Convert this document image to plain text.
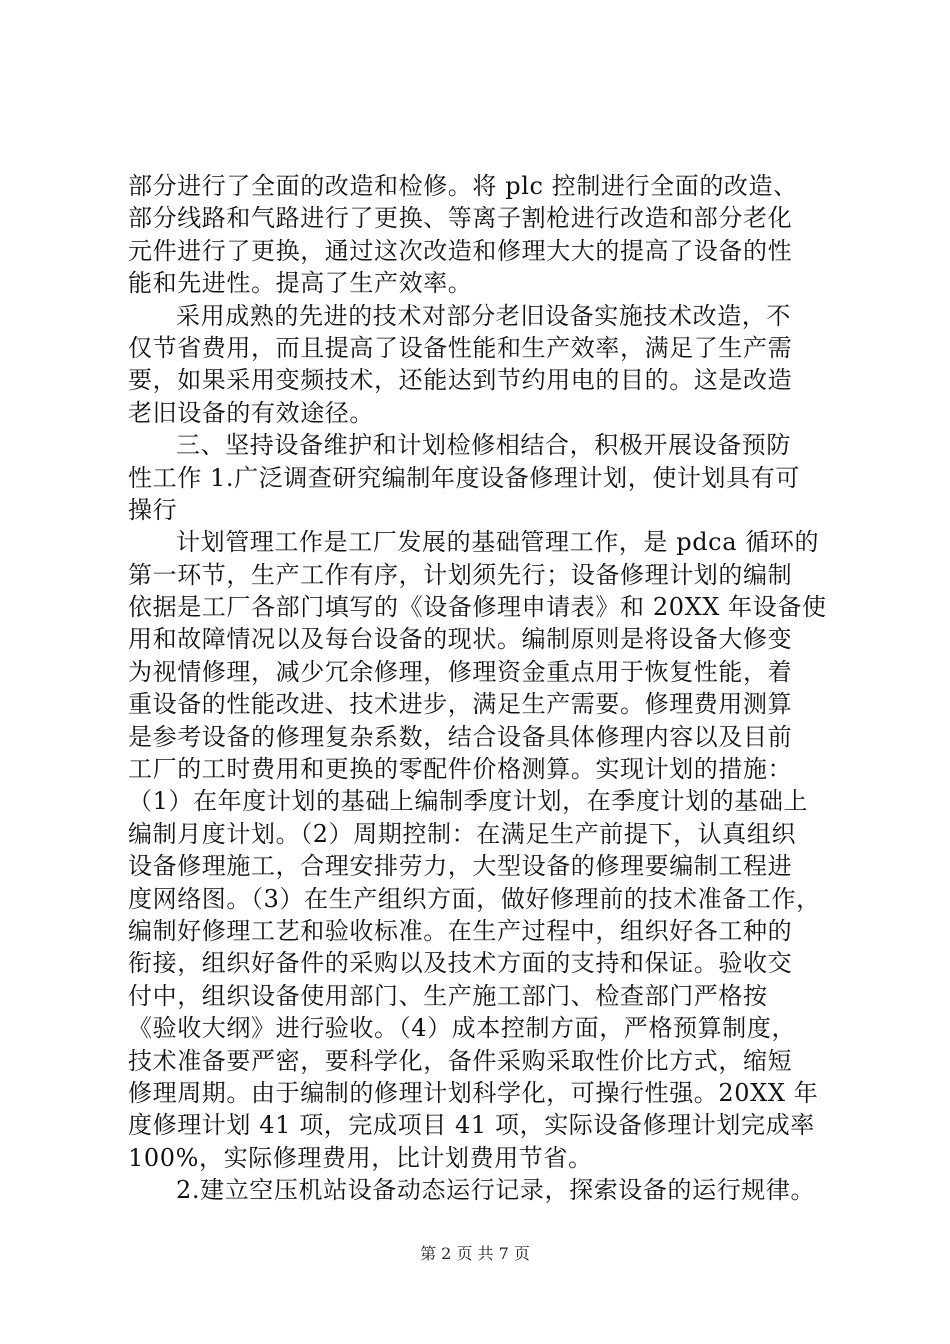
部分进行了全面的改造和检修。将 plc 控制进行全面的改造、
部分线路和气路进行了更换、等离子割枪进行改造和部分老化
元件进行了更换，通过这次改造和修理大大的提高了设备的性
能和先进性。提高了生产效率。
采用成熟的先进的技术对部分老旧设备实施技术改造，不
仅节省费用，而且提高了设备性能和生产效率，满足了生产需
要，如果采用变频技术，还能达到节约用电的目的。这是改造
老旧设备的有效途径。
三、坚持设备维护和计划检修相结合，积极开展设备预防
性工作 1.广泛调查研究编制年度设备修理计划，使计划具有可
操行
计划管理工作是工厂发展的基础管理工作，是 pdca 循环的
第一环节，生产工作有序，计划须先行；设备修理计划的编制
依据是工厂各部门填写的《设备修理申请表》和 20XX 年设备使
用和故障情况以及每台设备的现状。编制原则是将设备大修变
为视情修理，减少冗余修理，修理资金重点用于恢复性能，着
重设备的性能改进、技术进步，满足生产需要。修理费用测算
是参考设备的修理复杂系数，结合设备具体修理内容以及目前
工厂的工时费用和更换的零配件价格测算。实现计划的措施：
（1）在年度计划的基础上编制季度计划，在季度计划的基础上
编制月度计划。（2）周期控制：在满足生产前提下，认真组织
设备修理施工，合理安排劳力，大型设备的修理要编制工程进
度网络图。（3）在生产组织方面，做好修理前的技术准备工作，
编制好修理工艺和验收标准。在生产过程中，组织好各工种的
衔接，组织好备件的采购以及技术方面的支持和保证。验收交
付中，组织设备使用部门、生产施工部门、检查部门严格按
《验收大纲》进行验收。（4）成本控制方面，严格预算制度，
技术准备要严密，要科学化，备件采购采取性价比方式，缩短
修理周期。由于编制的修理计划科学化，可操行性强。20XX 年
度修理计划 41 项，完成项目 41 项，实际设备修理计划完成率
100%，实际修理费用，比计划费用节省。
2.建立空压机站设备动态运行记录，探索设备的运行规律。
第 2 页 共 7 页
